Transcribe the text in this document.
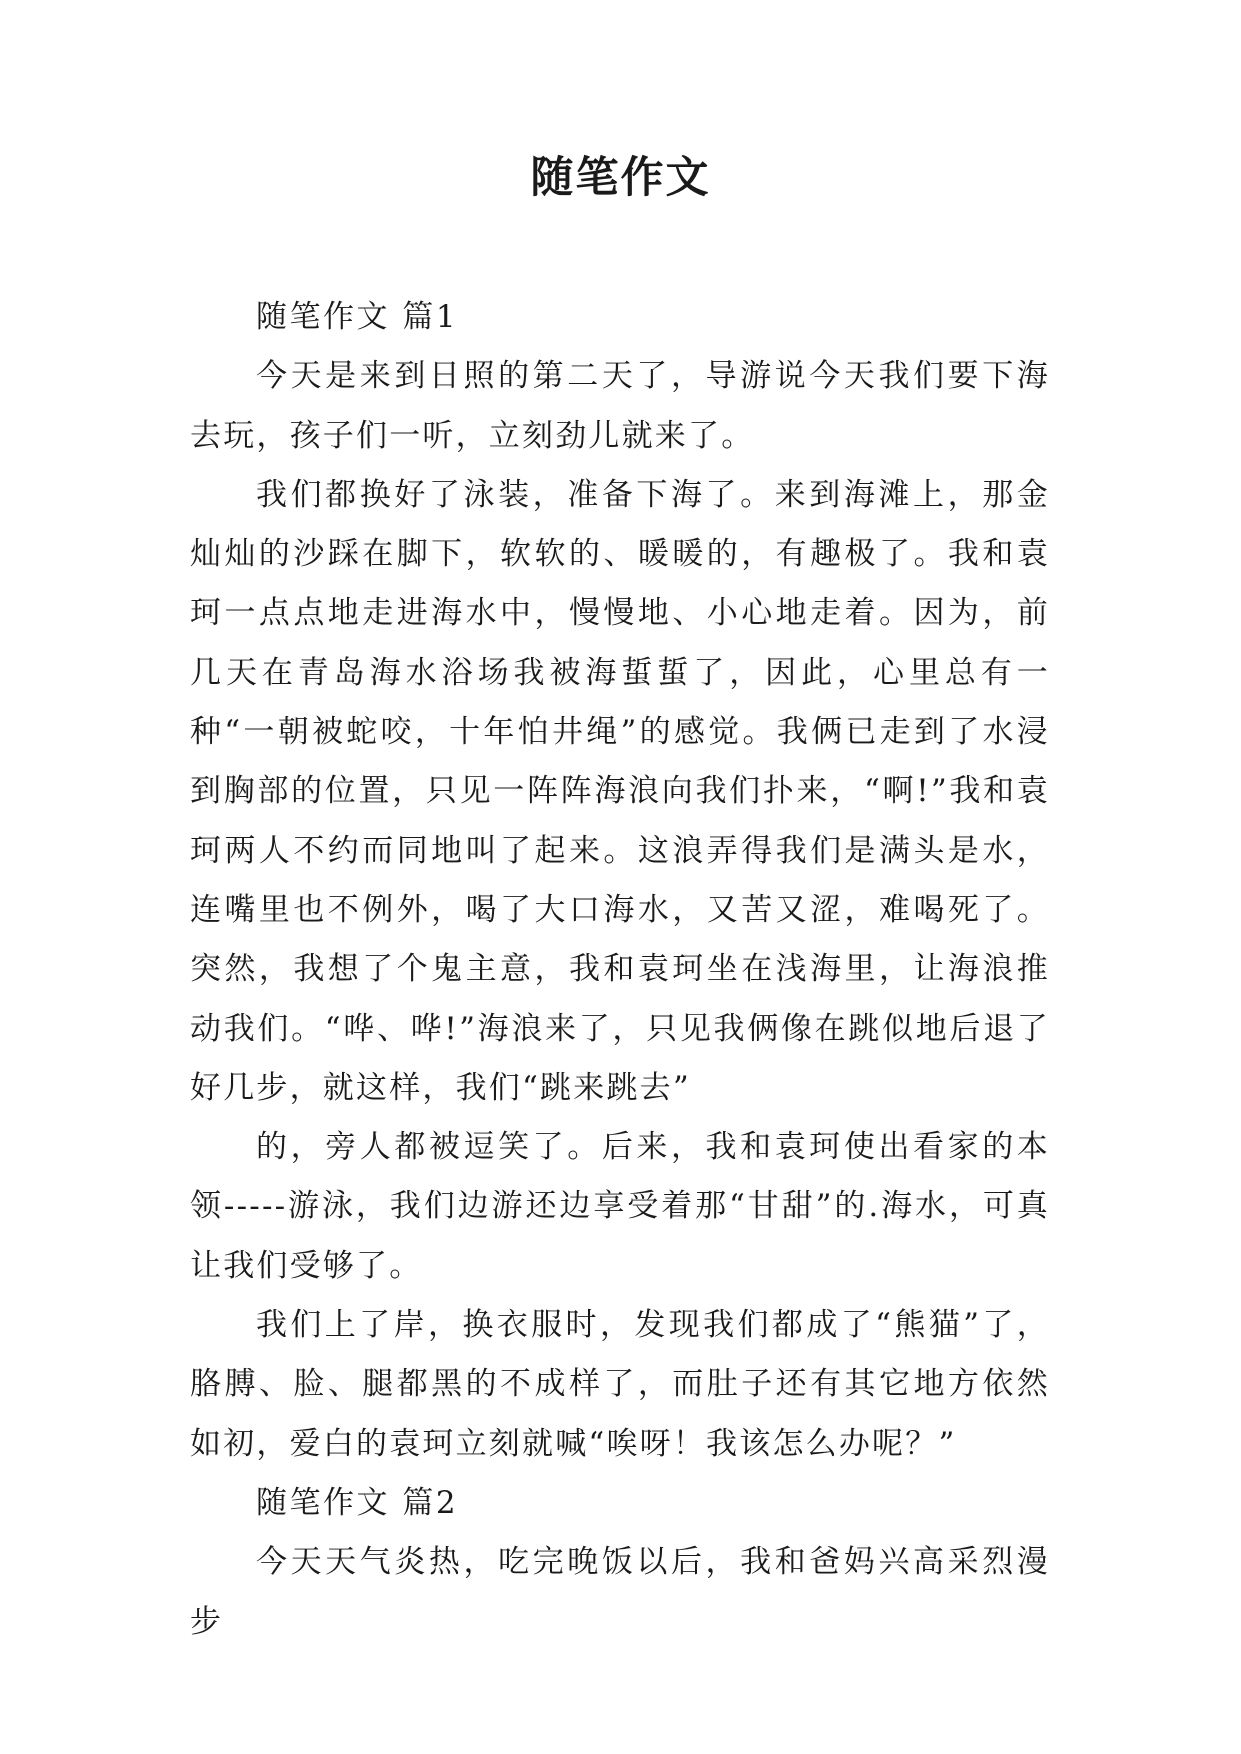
随笔作文

随笔作文 篇1

今天是来到日照的第二天了，导游说今天我们要下海去玩，孩子们一听，立刻劲儿就来了。

我们都换好了泳装，准备下海了。来到海滩上，那金灿灿的沙踩在脚下，软软的、暖暖的，有趣极了。我和袁珂一点点地走进海水中，慢慢地、小心地走着。因为，前几天在青岛海水浴场我被海蜇蜇了，因此，心里总有一种“一朝被蛇咬，十年怕井绳”的感觉。我俩已走到了水浸到胸部的位置，只见一阵阵海浪向我们扑来，“啊!”我和袁珂两人不约而同地叫了起来。这浪弄得我们是满头是水，连嘴里也不例外，喝了大口海水，又苦又涩，难喝死了。突然，我想了个鬼主意，我和袁珂坐在浅海里，让海浪推动我们。“哗、哗!”海浪来了，只见我俩像在跳似地后退了好几步，就这样，我们“跳来跳去”

的，旁人都被逗笑了。后来，我和袁珂使出看家的本领-----游泳，我们边游还边享受着那“甘甜”的.海水，可真让我们受够了。

我们上了岸，换衣服时，发现我们都成了“熊猫”了，胳膊、脸、腿都黑的不成样了，而肚子还有其它地方依然如初，爱白的袁珂立刻就喊“唉呀！我该怎么办呢？”

随笔作文 篇2

今天天气炎热，吃完晚饭以后，我和爸妈兴高采烈漫步
